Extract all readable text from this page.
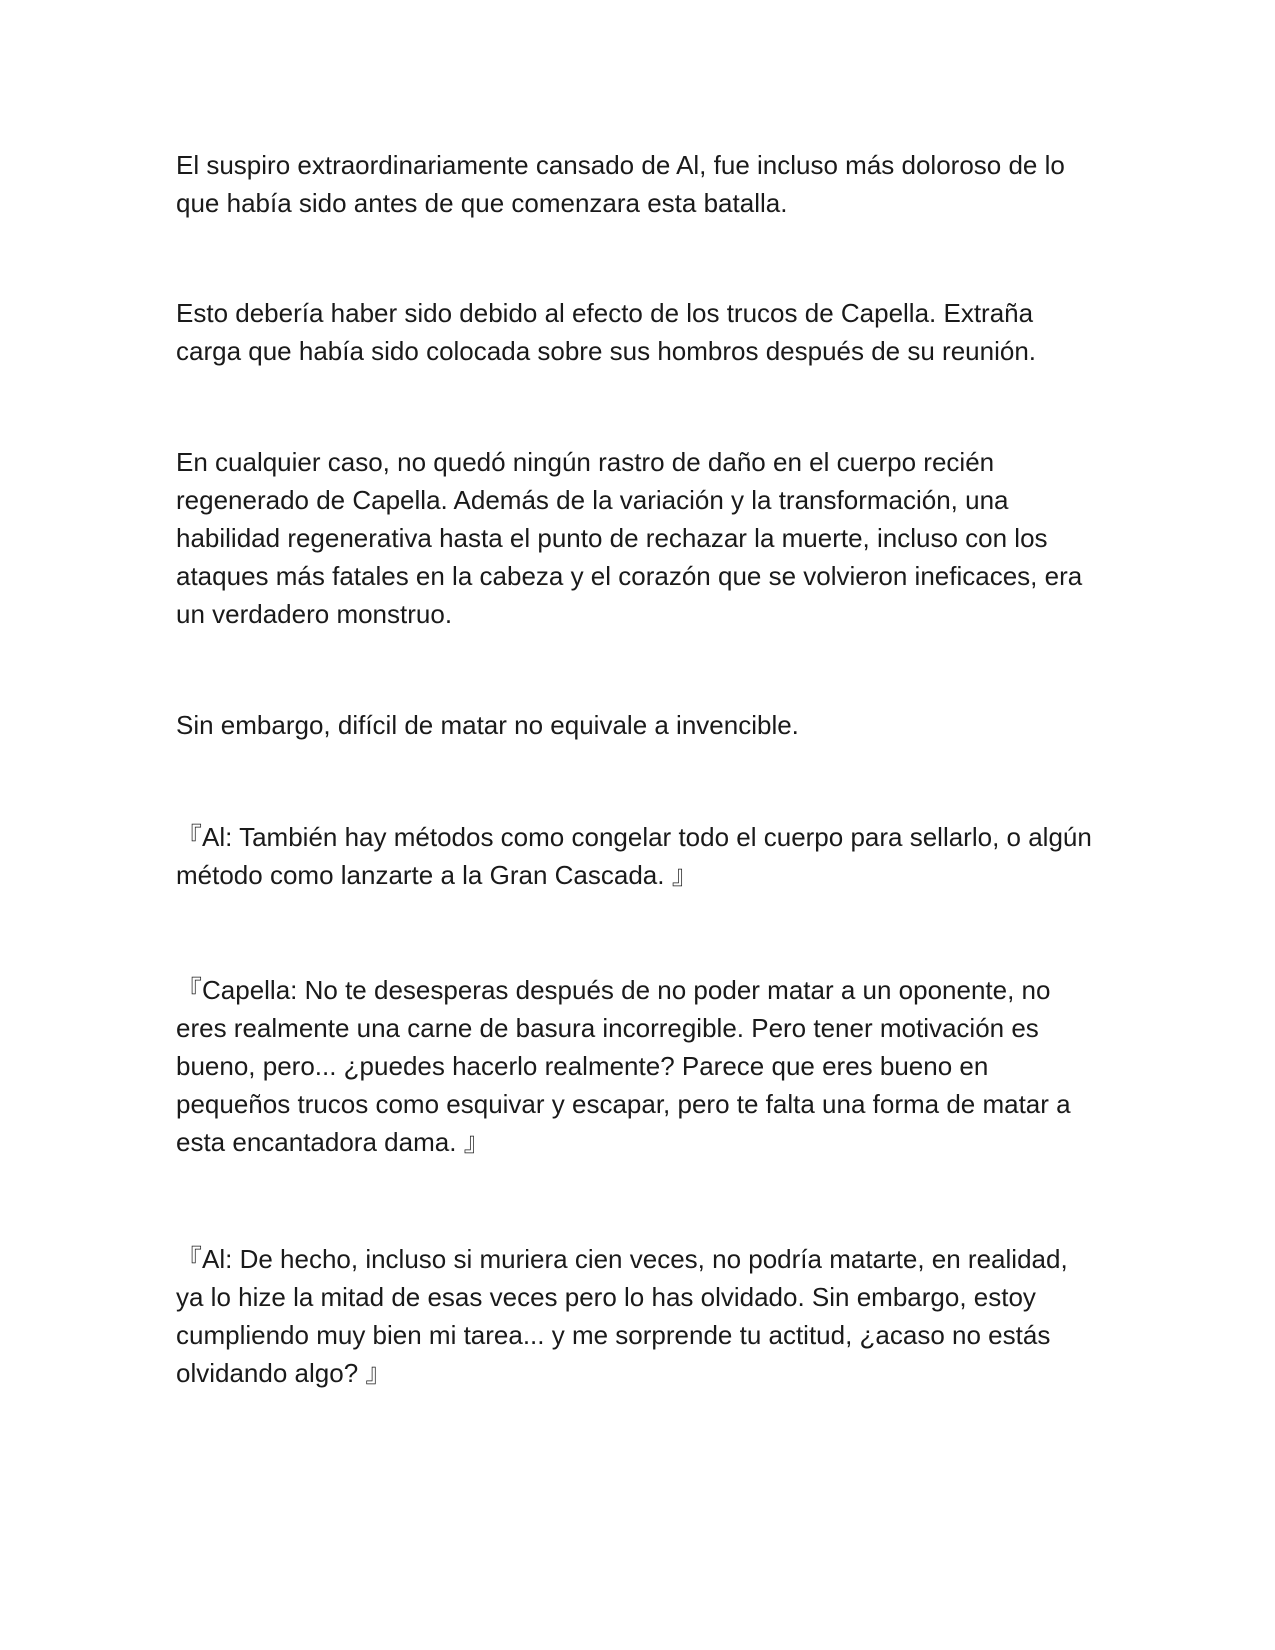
El suspiro extraordinariamente cansado de Al, fue incluso más doloroso de lo que había sido antes de que comenzara esta batalla.

Esto debería haber sido debido al efecto de los trucos de Capella. Extraña carga que había sido colocada sobre sus hombros después de su reunión.

En cualquier caso, no quedó ningún rastro de daño en el cuerpo recién regenerado de Capella. Además de la variación y la transformación, una habilidad regenerativa hasta el punto de rechazar la muerte, incluso con los ataques más fatales en la cabeza y el corazón que se volvieron ineficaces, era un verdadero monstruo.

Sin embargo, difícil de matar no equivale a invencible.

『Al: También hay métodos como congelar todo el cuerpo para sellarlo, o algún método como lanzarte a la Gran Cascada. 』

『Capella: No te desesperas después de no poder matar a un oponente, no eres realmente una carne de basura incorregible. Pero tener motivación es bueno, pero... ¿puedes hacerlo realmente? Parece que eres bueno en pequeños trucos como esquivar y escapar, pero te falta una forma de matar a esta encantadora dama. 』

『Al: De hecho, incluso si muriera cien veces, no podría matarte, en realidad, ya lo hize la mitad de esas veces pero lo has olvidado. Sin embargo, estoy cumpliendo muy bien mi tarea... y me sorprende tu actitud, ¿acaso no estás olvidando algo? 』
